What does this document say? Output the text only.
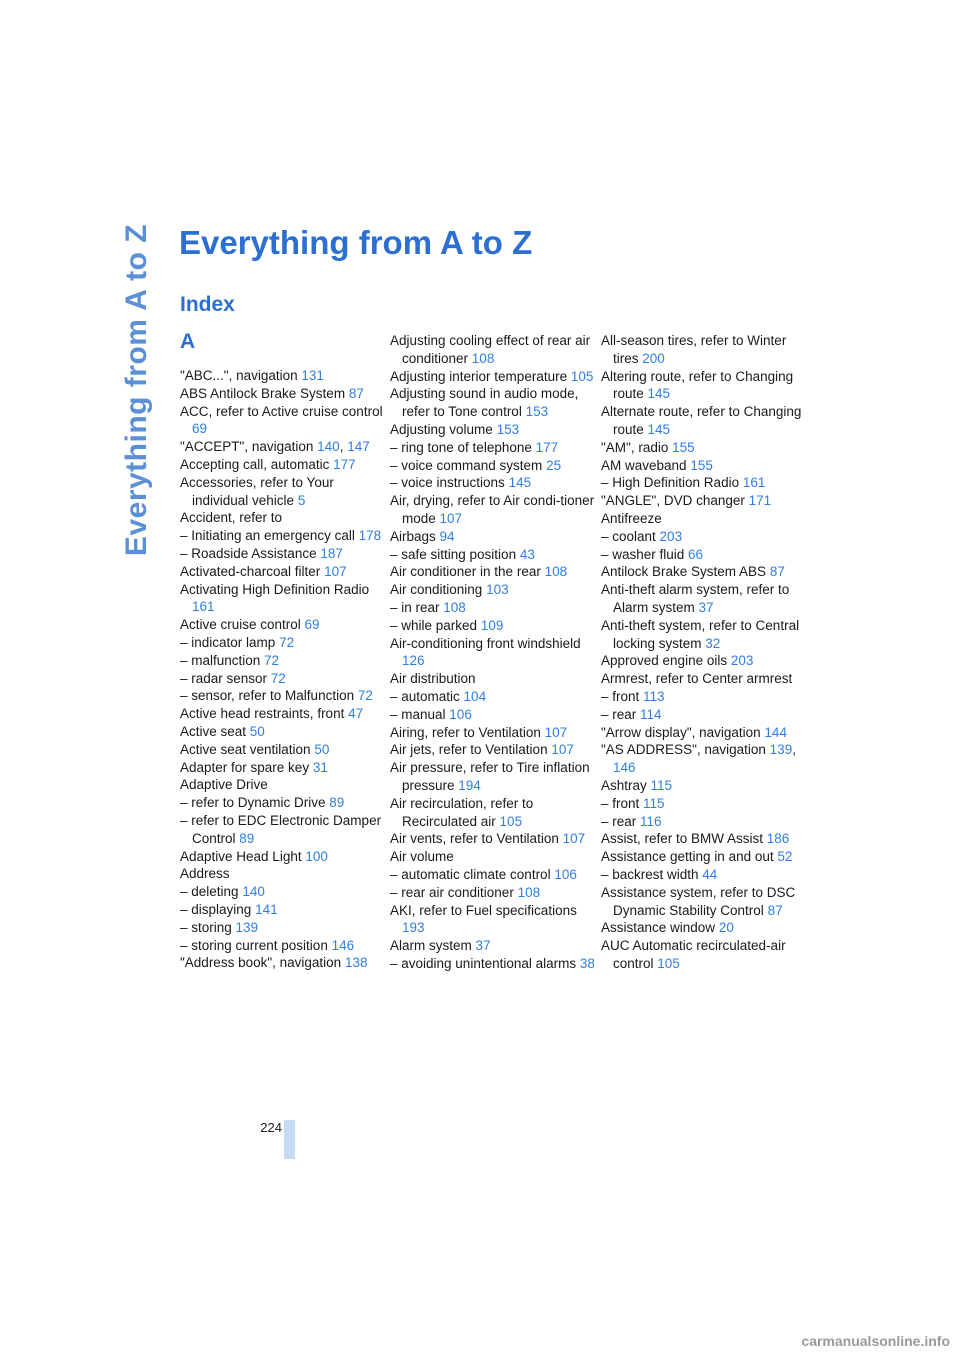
Everything from A to Z Everything from A to Z
Index
A
"ABC...", navigation 131
ABS Antilock Brake System 87
ACC, refer to Active cruise control 69
"ACCEPT", navigation 140, 147
Accepting call, automatic 177
Accessories, refer to Your individual vehicle 5
Accident, refer to
– Initiating an emergency call 178
– Roadside Assistance 187
Activated-charcoal filter 107
Activating High Definition Radio 161
Active cruise control 69
– indicator lamp 72
– malfunction 72
– radar sensor 72
– sensor, refer to Malfunction 72
Active head restraints, front 47
Active seat 50
Active seat ventilation 50
Adapter for spare key 31
Adaptive Drive
– refer to Dynamic Drive 89
– refer to EDC Electronic Damper Control 89
Adaptive Head Light 100
Address
– deleting 140
– displaying 141
– storing 139
– storing current position 146
"Address book", navigation 138
Adjusting cooling effect of rear air conditioner 108
Adjusting interior temperature 105
Adjusting sound in audio mode, refer to Tone control 153
Adjusting volume 153
– ring tone of telephone 177
– voice command system 25
– voice instructions 145
Air, drying, refer to Air condi-tioner mode 107
Airbags 94
– safe sitting position 43
Air conditioner in the rear 108
Air conditioning 103
– in rear 108
– while parked 109
Air-conditioning front windshield 126
Air distribution
– automatic 104
– manual 106
Airing, refer to Ventilation 107
Air jets, refer to Ventilation 107
Air pressure, refer to Tire inflation pressure 194
Air recirculation, refer to Recirculated air 105
Air vents, refer to Ventilation 107
Air volume
– automatic climate control 106
– rear air conditioner 108
AKI, refer to Fuel specifications 193
Alarm system 37
– avoiding unintentional alarms 38
All-season tires, refer to Winter tires 200
Altering route, refer to Changing route 145
Alternate route, refer to Changing route 145
"AM", radio 155
AM waveband 155
– High Definition Radio 161
"ANGLE", DVD changer 171
Antifreeze
– coolant 203
– washer fluid 66
Antilock Brake System ABS 87
Anti-theft alarm system, refer to Alarm system 37
Anti-theft system, refer to Central locking system 32
Approved engine oils 203
Armrest, refer to Center armrest
– front 113
– rear 114
"Arrow display", navigation 144
"AS ADDRESS", navigation 139, 146
Ashtray 115
– front 115
– rear 116
Assist, refer to BMW Assist 186
Assistance getting in and out 52
– backrest width 44
Assistance system, refer to DSC Dynamic Stability Control 87
Assistance window 20
AUC Automatic recirculated-air control 105
224
carmanualsonline.info
